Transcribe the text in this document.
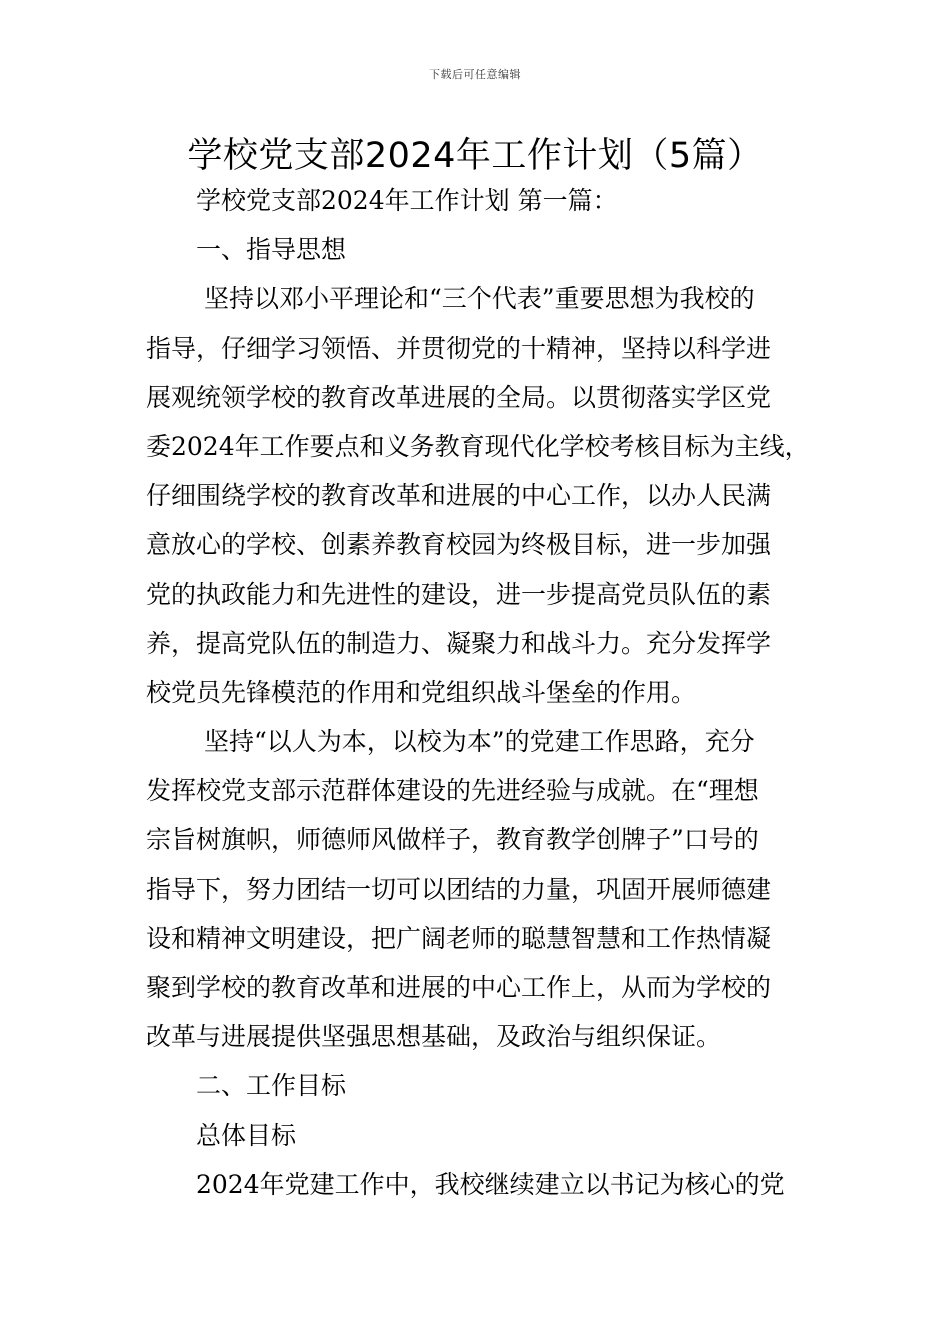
下载后可任意编辑
学校党支部2024年工作计划（5篇）
学校党支部2024年工作计划 第一篇：
一、指导思想
坚持以邓小平理论和“三个代表”重要思想为我校的
指导，仔细学习领悟、并贯彻党的十精神，坚持以科学进
展观统领学校的教育改革进展的全局。以贯彻落实学区党
委2024年工作要点和义务教育现代化学校考核目标为主线，
仔细围绕学校的教育改革和进展的中心工作，以办人民满
意放心的学校、创素养教育校园为终极目标，进一步加强
党的执政能力和先进性的建设，进一步提高党员队伍的素
养，提高党队伍的制造力、凝聚力和战斗力。充分发挥学
校党员先锋模范的作用和党组织战斗堡垒的作用。
坚持“以人为本，以校为本”的党建工作思路，充分
发挥校党支部示范群体建设的先进经验与成就。在“理想
宗旨树旗帜，师德师风做样子，教育教学创牌子”口号的
指导下，努力团结一切可以团结的力量，巩固开展师德建
设和精神文明建设，把广阔老师的聪慧智慧和工作热情凝
聚到学校的教育改革和进展的中心工作上，从而为学校的
改革与进展提供坚强思想基础，及政治与组织保证。
二、工作目标
总体目标
2024年党建工作中，我校继续建立以书记为核心的党
